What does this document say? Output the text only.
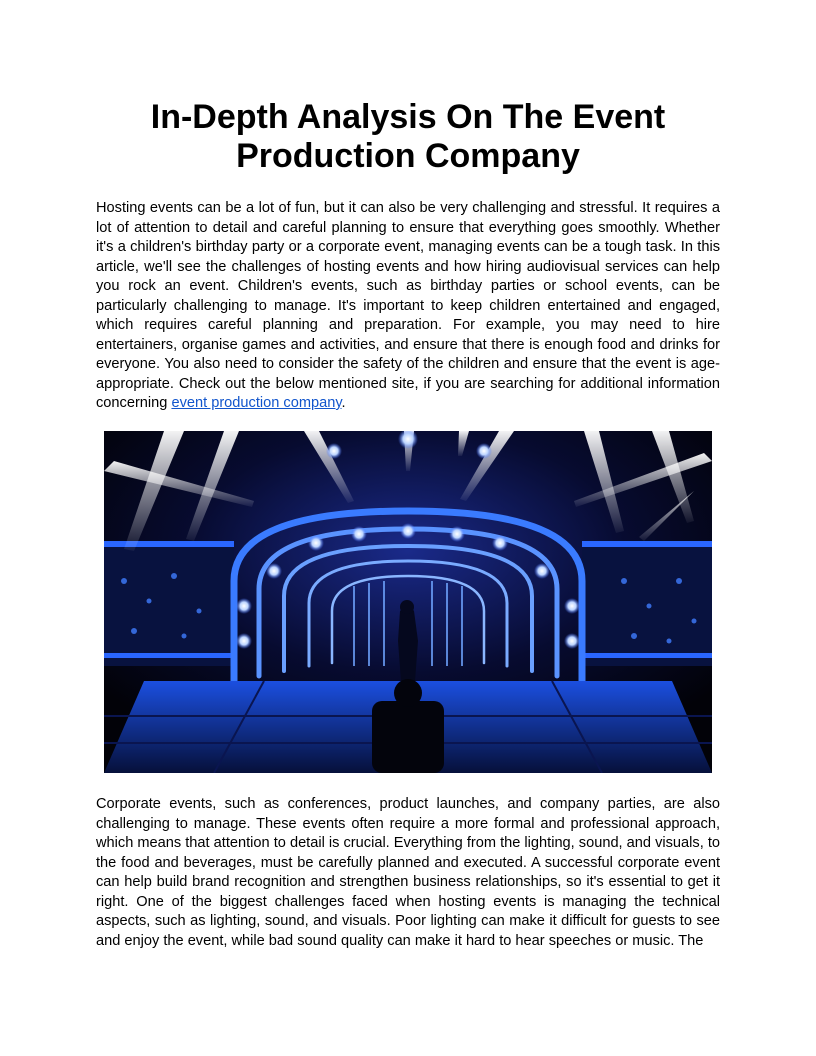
In-Depth Analysis On The Event Production Company

Hosting events can be a lot of fun, but it can also be very challenging and stressful. It requires a lot of attention to detail and careful planning to ensure that everything goes smoothly. Whether it's a children's birthday party or a corporate event, managing events can be a tough task. In this article, we'll see the challenges of hosting events and how hiring audiovisual services can help you rock an event. Children's events, such as birthday parties or school events, can be particularly challenging to manage. It's important to keep children entertained and engaged, which requires careful planning and preparation. For example, you may need to hire entertainers, organise games and activities, and ensure that there is enough food and drinks for everyone. You also need to consider the safety of the children and ensure that the event is age-appropriate. Check out the below mentioned site, if you are searching for additional information concerning event production company.

Corporate events, such as conferences, product launches, and company parties, are also challenging to manage. These events often require a more formal and professional approach, which means that attention to detail is crucial. Everything from the lighting, sound, and visuals, to the food and beverages, must be carefully planned and executed. A successful corporate event can help build brand recognition and strengthen business relationships, so it's essential to get it right. One of the biggest challenges faced when hosting events is managing the technical aspects, such as lighting, sound, and visuals. Poor lighting can make it difficult for guests to see and enjoy the event, while bad sound quality can make it hard to hear speeches or music. The
